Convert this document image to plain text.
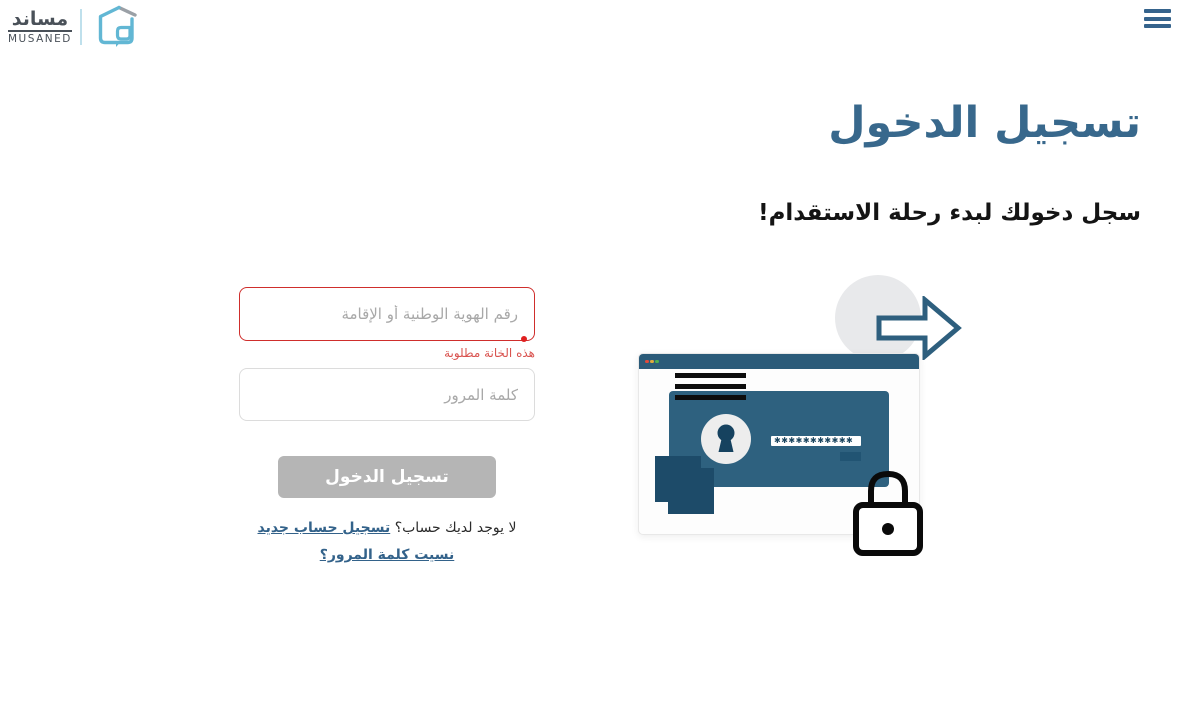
مساند
MUSANED
تسجيل الدخول
سجل دخولك لبدء رحلة الاستقدام!
رقم الهوية الوطنية أو الإقامة
هذه الخانة مطلوبة
كلمة المرور
تسجيل الدخول
لا يوجد لديك حساب؟ تسجيل حساب جديد
نسيت كلمة المرور؟
✱✱✱✱✱✱✱✱✱✱✱
